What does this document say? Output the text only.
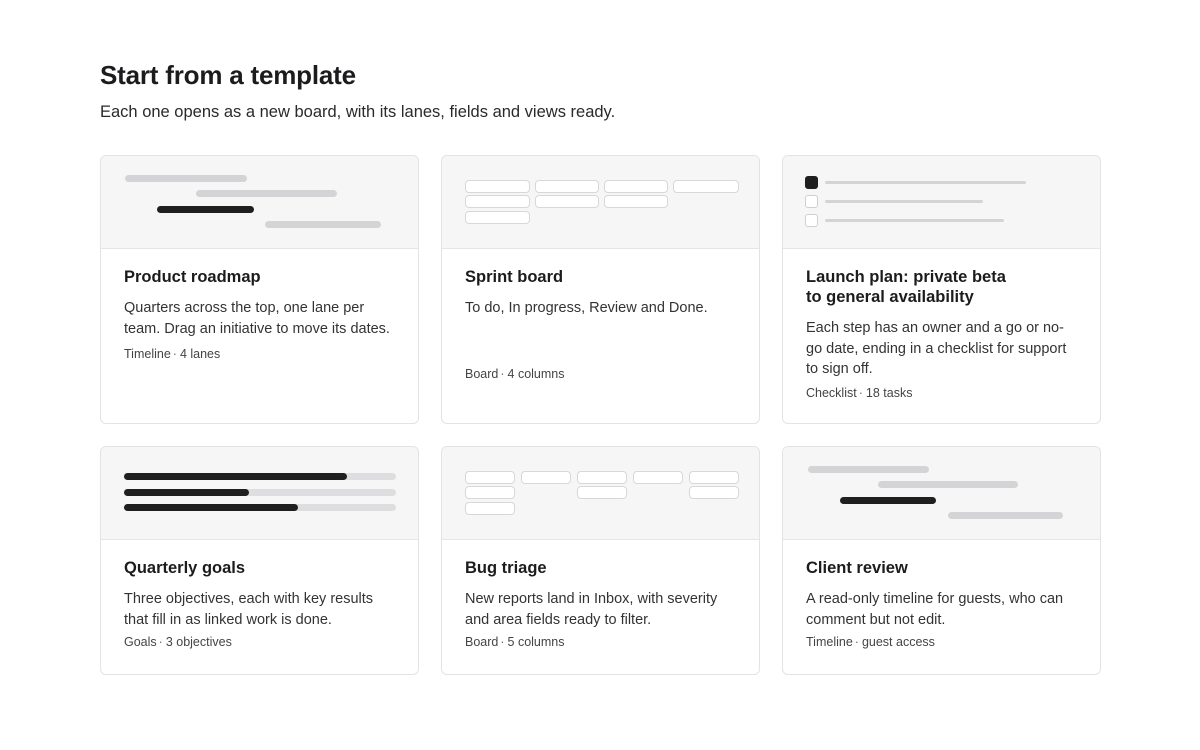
Start from a template

Each one opens as a new board, with its lanes, fields and views ready.

Product roadmap
Quarters across the top, one lane per team. Drag an initiative to move its dates.
Timeline · 4 lanes
Sprint board
To do, In progress, Review and Done.
Board · 4 columns
Launch plan: private beta to general availability
Each step has an owner and a go or no-go date, ending in a checklist for support to sign off.
Checklist · 18 tasks
Quarterly goals
Three objectives, each with key results that fill in as linked work is done.
Goals · 3 objectives
Bug triage
New reports land in Inbox, with severity and area fields ready to filter.
Board · 5 columns
Client review
A read-only timeline for guests, who can comment but not edit.
Timeline · guest access
